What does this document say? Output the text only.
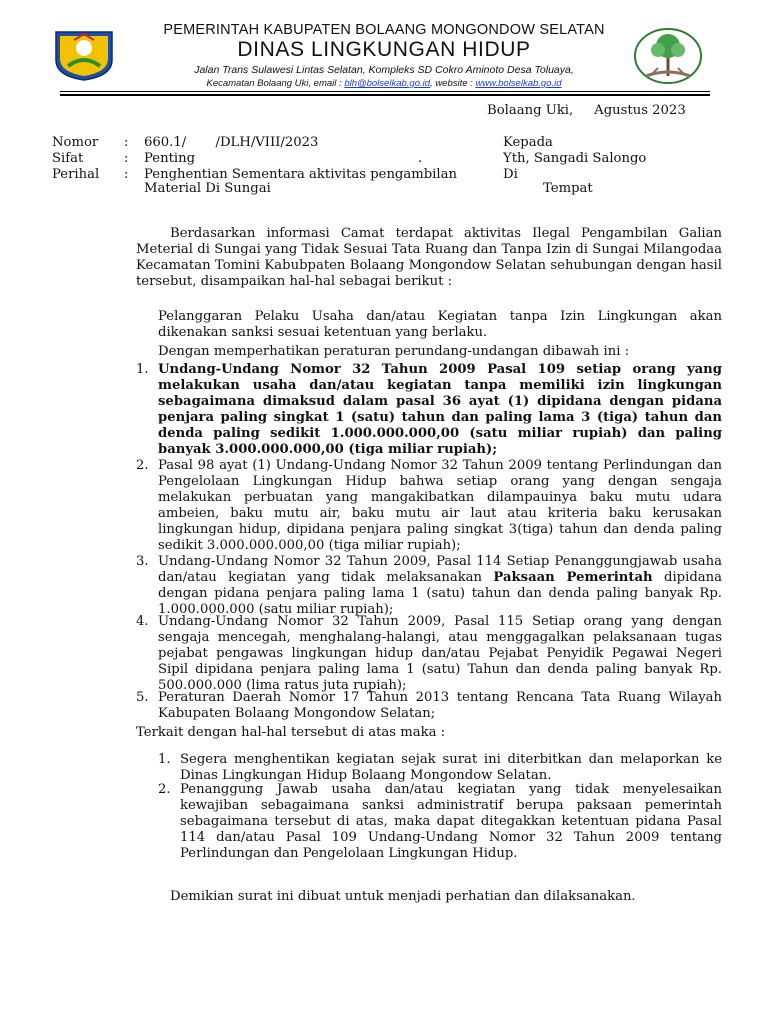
PEMERINTAH KABUPATEN BOLAANG MONGONDOW SELATAN
DINAS LINGKUNGAN HIDUP
Jalan Trans Sulawesi Lintas Selatan, Kompleks SD Cokro Aminoto Desa Toluaya,
Kecamatan Bolaang Uki, email : blh@bolselkab.go.id, website : www.bolselkab.go.id
Bolaang Uki,     Agustus 2023
Nomor : 660.1/       /DLH/VIII/2023
Sifat	: Penting	.
Perihal : Penghentian Sementara aktivitas pengambilan
Material Di Sungai
Kepada
Yth, Sangadi Salongo
Di
Tempat
Berdasarkan informasi Camat terdapat aktivitas Ilegal Pengambilan Galian Meterial di Sungai yang Tidak Sesuai Tata Ruang dan Tanpa Izin di Sungai Milangodaa Kecamatan Tomini Kabubpaten Bolaang Mongondow Selatan sehubungan dengan hasil tersebut, disampaikan hal-hal sebagai berikut :
Pelanggaran Pelaku Usaha dan/atau Kegiatan tanpa Izin Lingkungan akan dikenakan sanksi sesuai ketentuan yang berlaku.
Dengan memperhatikan peraturan perundang-undangan dibawah ini :
1. Undang-Undang Nomor 32 Tahun 2009 Pasal 109 setiap orang yang melakukan usaha dan/atau kegiatan tanpa memiliki izin lingkungan sebagaimana dimaksud dalam pasal 36 ayat (1) dipidana dengan pidana penjara paling singkat 1 (satu) tahun dan paling lama 3 (tiga) tahun dan denda paling sedikit 1.000.000.000,00 (satu miliar rupiah) dan paling banyak 3.000.000.000,00 (tiga miliar rupiah);
2. Pasal 98 ayat (1) Undang-Undang Nomor 32 Tahun 2009 tentang Perlindungan dan Pengelolaan Lingkungan Hidup bahwa setiap orang yang dengan sengaja melakukan perbuatan yang mangakibatkan dilampauinya baku mutu udara ambeien, baku mutu air, baku mutu air laut atau kriteria baku kerusakan lingkungan hidup, dipidana penjara paling singkat 3(tiga) tahun dan denda paling sedikit 3.000.000.000,00 (tiga miliar rupiah);
3. Undang-Undang Nomor 32 Tahun 2009, Pasal 114 Setiap Penanggungjawab usaha dan/atau kegiatan yang tidak melaksanakan Paksaan Pemerintah dipidana dengan pidana penjara paling lama 1 (satu) tahun dan denda paling banyak Rp. 1.000.000.000 (satu miliar rupiah);
4. Undang-Undang Nomor 32 Tahun 2009, Pasal 115 Setiap orang yang dengan sengaja mencegah, menghalang-halangi, atau menggagalkan pelaksanaan tugas pejabat pengawas lingkungan hidup dan/atau Pejabat Penyidik Pegawai Negeri Sipil dipidana penjara paling lama 1 (satu) Tahun dan denda paling banyak Rp. 500.000.000 (lima ratus juta rupiah);
5. Peraturan Daerah Nomor 17 Tahun 2013 tentang Rencana Tata Ruang Wilayah Kabupaten Bolaang Mongondow Selatan;
Terkait dengan hal-hal tersebut di atas maka :
1. Segera menghentikan kegiatan sejak surat ini diterbitkan dan melaporkan ke Dinas Lingkungan Hidup Bolaang Mongondow Selatan.
2. Penanggung Jawab usaha dan/atau kegiatan yang tidak menyelesaikan kewajiban sebagaimana sanksi administratif berupa paksaan pemerintah sebagaimana tersebut di atas, maka dapat ditegakkan ketentuan pidana Pasal 114 dan/atau Pasal 109 Undang-Undang Nomor 32 Tahun 2009 tentang Perlindungan dan Pengelolaan Lingkungan Hidup.
Demikian surat ini dibuat untuk menjadi perhatian dan dilaksanakan.
